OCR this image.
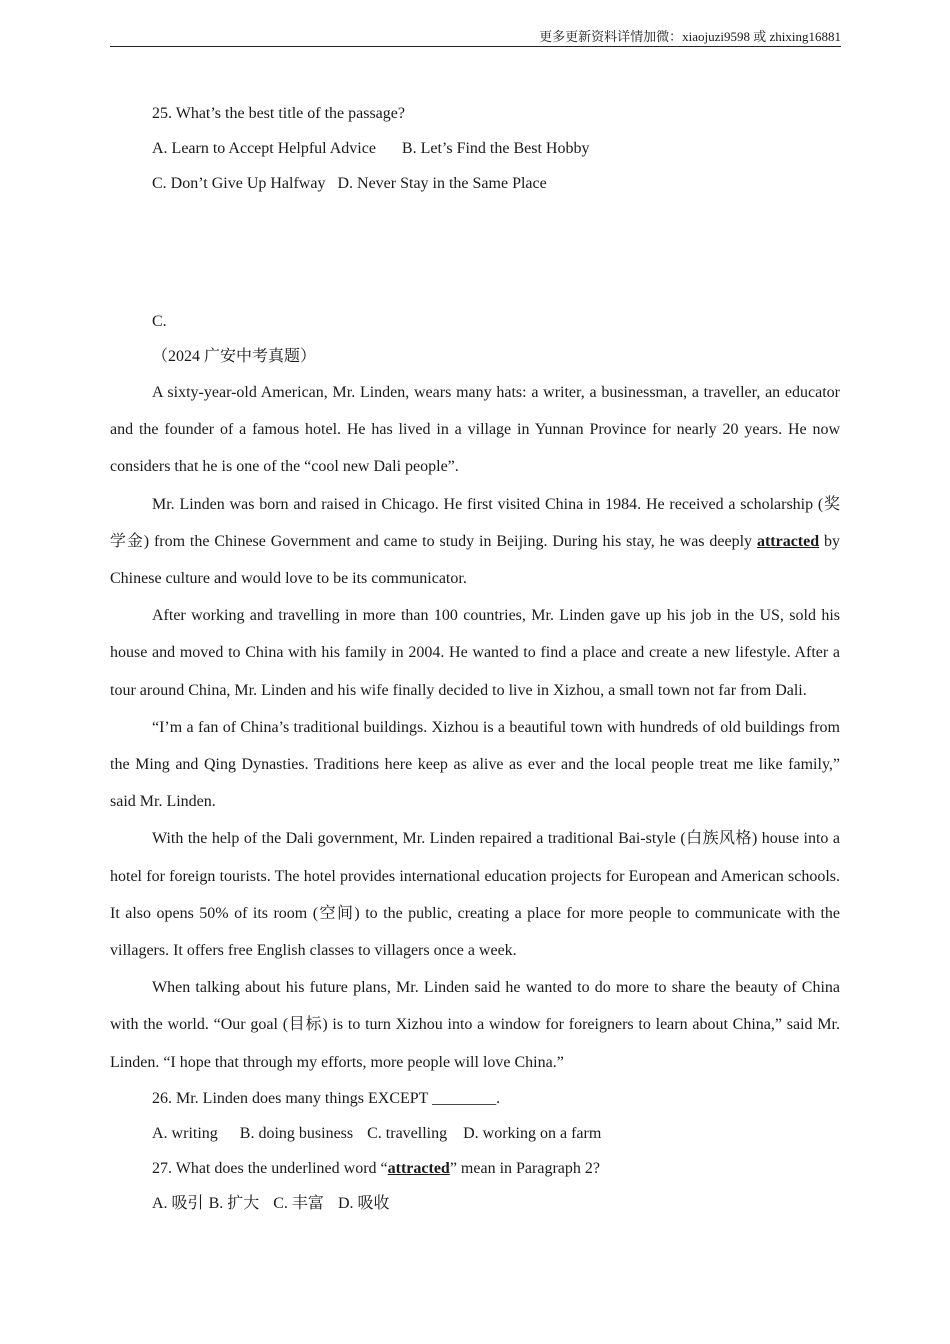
更多更新资料详情加微：xiaojuzi9598 或 zhixing16881

25. What’s the best title of the passage?

A. Learn to Accept Helpful Advice B. Let’s Find the Best Hobby

C. Don’t Give Up Halfway D. Never Stay in the Same Place

C.

（2024 广安中考真题）

A sixty-year-old American, Mr. Linden, wears many hats: a writer, a businessman, a traveller, an educator and the founder of a famous hotel. He has lived in a village in Yunnan Province for nearly 20 years. He now considers that he is one of the “cool new Dali people”.

Mr. Linden was born and raised in Chicago. He first visited China in 1984. He received a scholarship (奖学金) from the Chinese Government and came to study in Beijing. During his stay, he was deeply attracted by Chinese culture and would love to be its communicator.

After working and travelling in more than 100 countries, Mr. Linden gave up his job in the US, sold his house and moved to China with his family in 2004. He wanted to find a place and create a new lifestyle. After a tour around China, Mr. Linden and his wife finally decided to live in Xizhou, a small town not far from Dali.

“I’m a fan of China’s traditional buildings. Xizhou is a beautiful town with hundreds of old buildings from the Ming and Qing Dynasties. Traditions here keep as alive as ever and the local people treat me like family,” said Mr. Linden.

With the help of the Dali government, Mr. Linden repaired a traditional Bai-style (白族风格) house into a hotel for foreign tourists. The hotel provides international education projects for European and American schools. It also opens 50% of its room (空间) to the public, creating a place for more people to communicate with the villagers. It offers free English classes to villagers once a week.

When talking about his future plans, Mr. Linden said he wanted to do more to share the beauty of China with the world. “Our goal (目标) is to turn Xizhou into a window for foreigners to learn about China,” said Mr. Linden. “I hope that through my efforts, more people will love China.”

26. Mr. Linden does many things EXCEPT ________.

A. writing B. doing business C. travelling D. working on a farm

27. What does the underlined word “attracted” mean in Paragraph 2?

A. 吸引 B. 扩大 C. 丰富 D. 吸收
